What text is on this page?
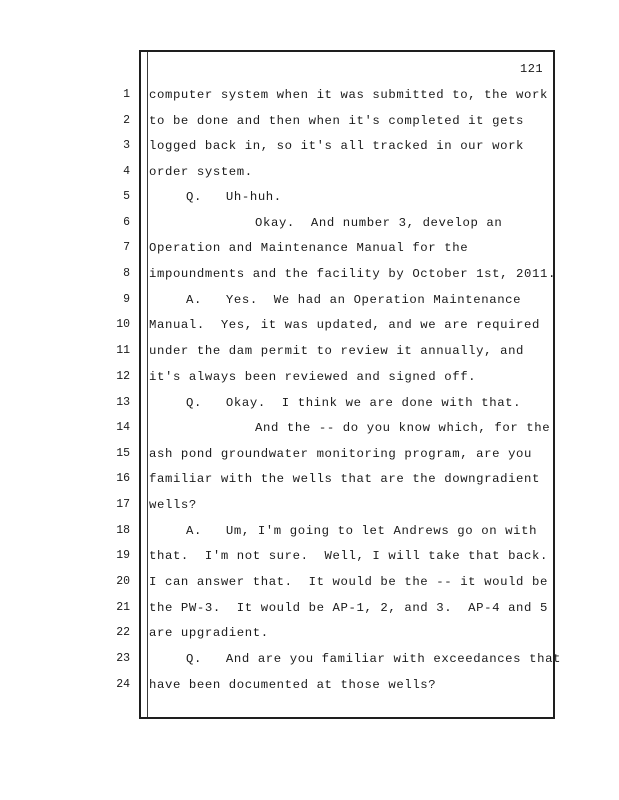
121
1
2
3
4
5
6
7
8
9
10
11
12
13
14
15
16
17
18
19
20
21
22
23
24
computer system when it was submitted to, the work
to be done and then when it's completed it gets
logged back in, so it's all tracked in our work
order system.
Q.   Uh-huh.
Okay.  And number 3, develop an
Operation and Maintenance Manual for the
impoundments and the facility by October 1st, 2011.
A.   Yes.  We had an Operation Maintenance
Manual.  Yes, it was updated, and we are required
under the dam permit to review it annually, and
it's always been reviewed and signed off.
Q.   Okay.  I think we are done with that.
And the -- do you know which, for the
ash pond groundwater monitoring program, are you
familiar with the wells that are the downgradient
wells?
A.   Um, I'm going to let Andrews go on with
that.  I'm not sure.  Well, I will take that back.
I can answer that.  It would be the -- it would be
the PW-3.  It would be AP-1, 2, and 3.  AP-4 and 5
are upgradient.
Q.   And are you familiar with exceedances that
have been documented at those wells?
